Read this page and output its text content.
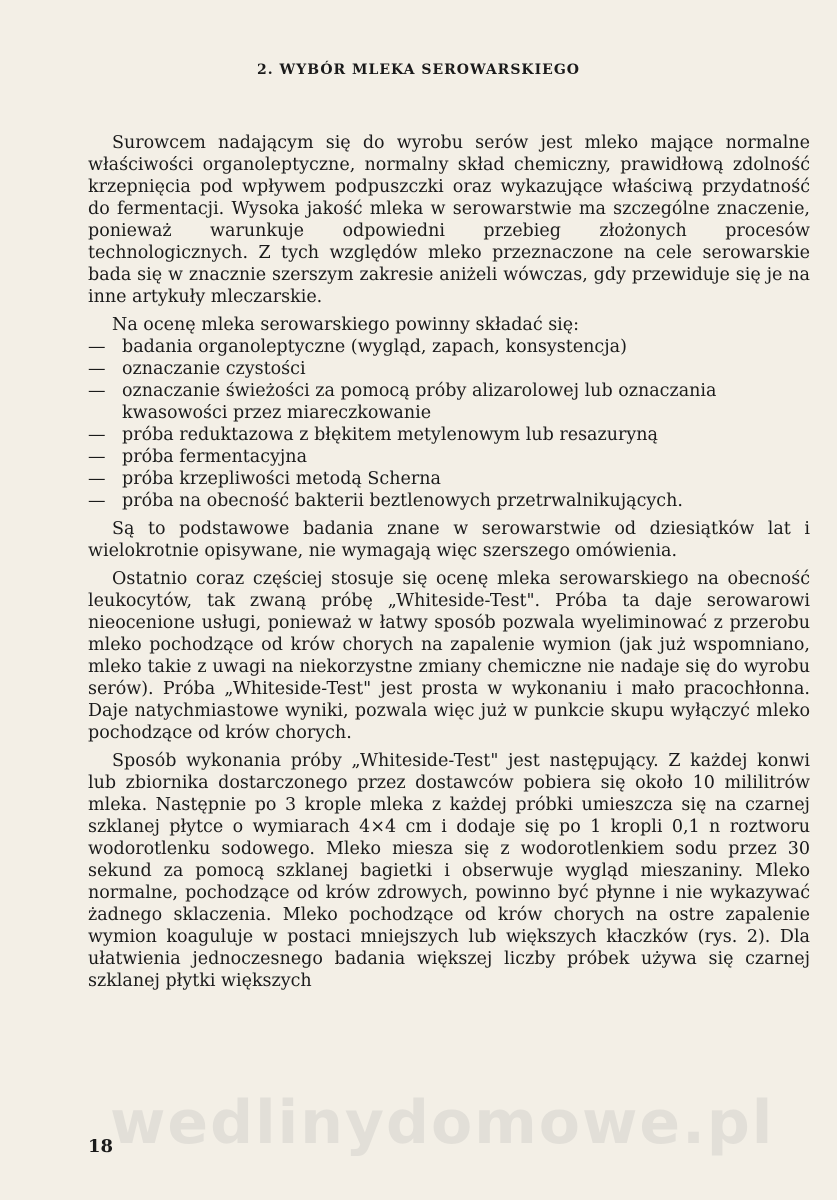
wedlinydomowe.pl
2. WYBÓR MLEKA SEROWARSKIEGO

Surowcem nadającym się do wyrobu serów jest mleko mające normalne właściwości organoleptyczne, normalny skład chemiczny, prawidłową zdolność krzepnięcia pod wpływem podpuszczki oraz wykazujące właściwą przydatność do fermentacji. Wysoka jakość mleka w serowarstwie ma szczególne znaczenie, ponieważ warunkuje odpowiedni przebieg złożonych procesów technologicznych. Z tych względów mleko przeznaczone na cele serowarskie bada się w znacznie szerszym zakresie aniżeli wówczas, gdy przewiduje się je na inne artykuły mleczarskie.

Na ocenę mleka serowarskiego powinny składać się:

— badania organoleptyczne (wygląd, zapach, konsystencja)
— oznaczanie czystości
— oznaczanie świeżości za pomocą próby alizarolowej lub oznaczania kwasowości przez miareczkowanie
— próba reduktazowa z błękitem metylenowym lub resazuryną
— próba fermentacyjna
— próba krzepliwości metodą Scherna
— próba na obecność bakterii beztlenowych przetrwalnikujących.

Są to podstawowe badania znane w serowarstwie od dziesiątków lat i wielokrotnie opisywane, nie wymagają więc szerszego omówienia.

Ostatnio coraz częściej stosuje się ocenę mleka serowarskiego na obecność leukocytów, tak zwaną próbę „Whiteside-Test". Próba ta daje serowarowi nieocenione usługi, ponieważ w łatwy sposób pozwala wyeliminować z przerobu mleko pochodzące od krów chorych na zapalenie wymion (jak już wspomniano, mleko takie z uwagi na niekorzystne zmiany chemiczne nie nadaje się do wyrobu serów). Próba „Whiteside-Test" jest prosta w wykonaniu i mało pracochłonna. Daje natychmiastowe wyniki, pozwala więc już w punkcie skupu wyłączyć mleko pochodzące od krów chorych.

Sposób wykonania próby „Whiteside-Test" jest następujący. Z każdej konwi lub zbiornika dostarczonego przez dostawców pobiera się około 10 mililitrów mleka. Następnie po 3 krople mleka z każdej próbki umieszcza się na czarnej szklanej płytce o wymiarach 4×4 cm i dodaje się po 1 kropli 0,1 n roztworu wodorotlenku sodowego. Mleko miesza się z wodorotlenkiem sodu przez 30 sekund za pomocą szklanej bagietki i obserwuje wygląd mieszaniny. Mleko normalne, pochodzące od krów zdrowych, powinno być płynne i nie wykazywać żadnego sklaczenia. Mleko pochodzące od krów chorych na ostre zapalenie wymion koaguluje w postaci mniejszych lub większych kłaczków (rys. 2). Dla ułatwienia jednoczesnego badania większej liczby próbek używa się czarnej szklanej płytki większych

18
